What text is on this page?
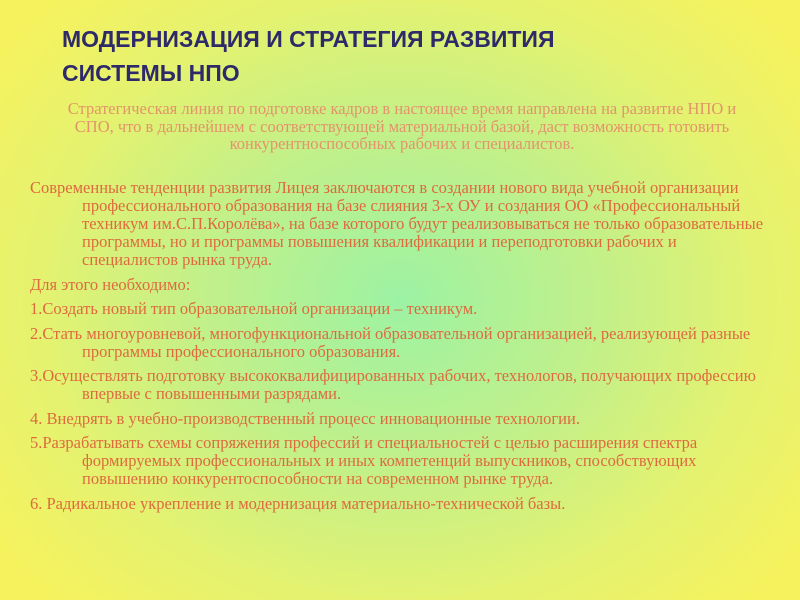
МОДЕРНИЗАЦИЯ И СТРАТЕГИЯ РАЗВИТИЯ
СИСТЕМЫ НПО

Стратегическая линия по подготовке кадров в настоящее время направлена на развитие НПО и СПО, что в дальнейшем с соответствующей материальной базой, даст возможность готовить конкурентноспособных рабочих и специалистов.

Современные тенденции развития Лицея заключаются в создании нового вида учебной организации профессионального образования на базе слияния 3-х ОУ и создания ОО «Профессиональный техникум им.С.П.Королёва», на базе которого будут реализовываться не только образовательные программы, но и программы повышения квалификации и переподготовки рабочих и специалистов рынка труда.

Для этого необходимо:

1.Создать новый тип образовательной организации – техникум.

2.Стать многоуровневой, многофункциональной образовательной организацией, реализующей разные программы профессионального образования.

3.Осуществлять подготовку высококвалифицированных рабочих, технологов, получающих профессию впервые с повышенными разрядами.

4. Внедрять в учебно-производственный процесс инновационные технологии.

5.Разрабатывать схемы сопряжения профессий и специальностей с целью расширения спектра формируемых профессиональных и иных компетенций выпускников, способствующих повышению конкурентоспособности на современном рынке труда.

6. Радикальное укрепление и модернизация материально-технической базы.
